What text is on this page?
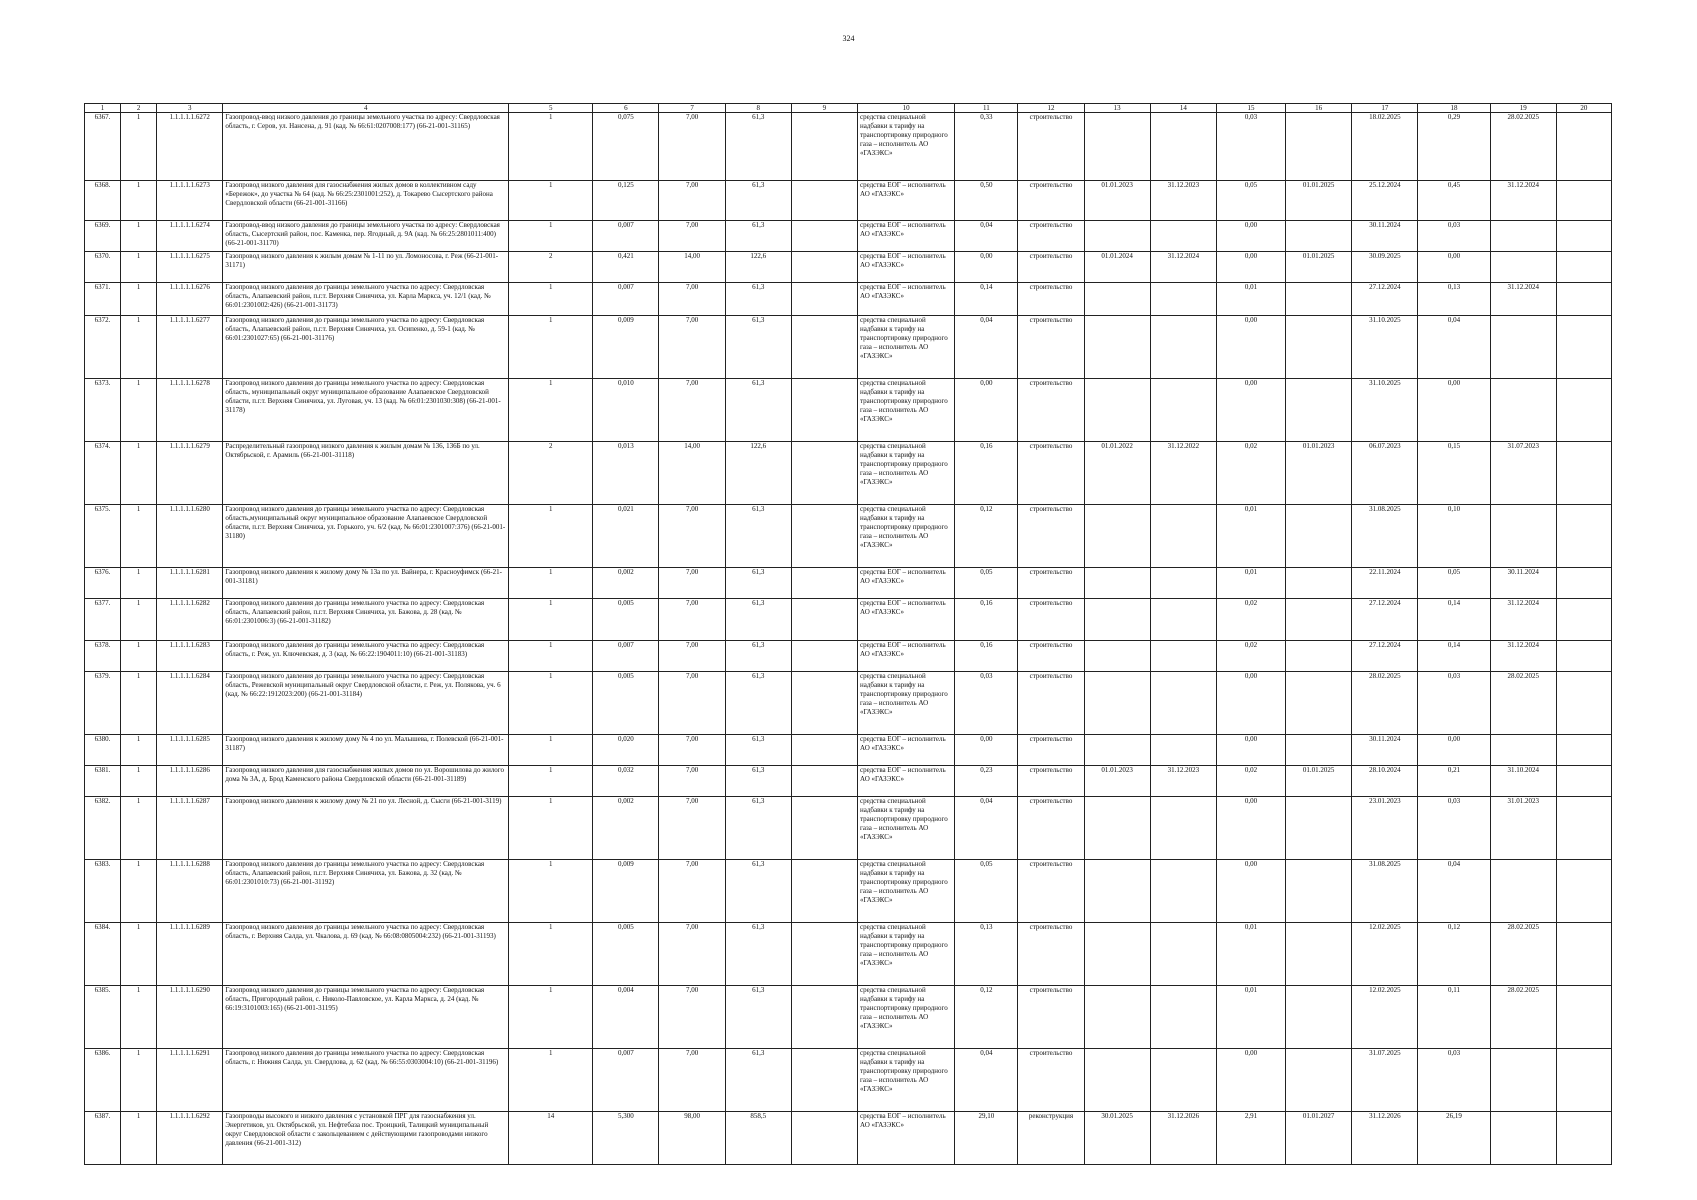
324
1	2	3	4	5	6	7	8	9	10	11	12	13	14	15	16	17	18	19	20
6367.	1	1.1.1.1.1.6272	Газопровод-ввод низкого давления до границы земельного участка по адресу: Свердловская область, г. Серов, ул. Нансена, д. 91 (кад. № 66:61:0207008:177) (66-21-001-31165)	1	0,075	7,00	61,3		средства специальной надбавки к тарифу на транспортировку природного газа – исполнитель АО «ГАЗЭКС»	0,33	строительство			0,03		18.02.2025	0,29	28.02.2025	
6368.	1	1.1.1.1.1.6273	Газопровод низкого давления для газоснабжения жилых домов в коллективном саду «Бережок», до участка № 64 (кад. № 66:25:2301001:252), д. Токарево Сысертского района Свердловской области (66-21-001-31166)	1	0,125	7,00	61,3		средства ЕОГ – исполнитель АО «ГАЗЭКС»	0,50	строительство	01.01.2023	31.12.2023	0,05	01.01.2025	25.12.2024	0,45	31.12.2024	
6369.	1	1.1.1.1.1.6274	Газопровод-ввод низкого давления до границы земельного участка по адресу: Свердловская область, Сысертский район, пос. Каменка, пер. Ягодный, д. 9А (кад. № 66:25:2801011:400) (66-21-001-31170)	1	0,007	7,00	61,3		средства ЕОГ – исполнитель АО «ГАЗЭКС»	0,04	строительство			0,00		30.11.2024	0,03		
6370.	1	1.1.1.1.1.6275	Газопровод низкого давления к жилым домам № 1-11 по ул. Ломоносова, г. Реж (66-21-001-31171)	2	0,421	14,00	122,6		средства ЕОГ – исполнитель АО «ГАЗЭКС»	0,00	строительство	01.01.2024	31.12.2024	0,00	01.01.2025	30.09.2025	0,00		
6371.	1	1.1.1.1.1.6276	Газопровод низкого давления до границы земельного участка по адресу: Свердловская область, Алапаевский район, п.г.т. Верхняя Синячиха, ул. Карла Маркса, уч. 12/1 (кад. № 66:01:2301002:426) (66-21-001-31173)	1	0,007	7,00	61,3		средства ЕОГ – исполнитель АО «ГАЗЭКС»	0,14	строительство			0,01		27.12.2024	0,13	31.12.2024	
6372.	1	1.1.1.1.1.6277	Газопровод низкого давления до границы земельного участка по адресу: Свердловская область, Алапаевский район, п.г.т. Верхняя Синячиха, ул. Осипенко, д. 59-1 (кад. № 66:01:2301027:65) (66-21-001-31176)	1	0,009	7,00	61,3		средства специальной надбавки к тарифу на транспортировку природного газа – исполнитель АО «ГАЗЭКС»	0,04	строительство			0,00		31.10.2025	0,04		
6373.	1	1.1.1.1.1.6278	Газопровод низкого давления до границы земельного участка по адресу: Свердловская область, муниципальный округ муниципальное образование Алапаевское Свердловской области, п.г.т. Верхняя Синячиха, ул. Луговая, уч. 13 (кад. № 66:01:2301030:308) (66-21-001-31178)	1	0,010	7,00	61,3		средства специальной надбавки к тарифу на транспортировку природного газа – исполнитель АО «ГАЗЭКС»	0,00	строительство			0,00		31.10.2025	0,00		
6374.	1	1.1.1.1.1.6279	Распределительный газопровод низкого давления к жилым домам № 136, 136Б по ул. Октябрьской, г. Арамиль (66-21-001-31118)	2	0,013	14,00	122,6		средства специальной надбавки к тарифу на транспортировку природного газа – исполнитель АО «ГАЗЭКС»	0,16	строительство	01.01.2022	31.12.2022	0,02	01.01.2023	06.07.2023	0,15	31.07.2023	
6375.	1	1.1.1.1.1.6280	Газопровод низкого давления до границы земельного участка по адресу: Свердловская область,муниципальный округ муниципальное образование Алапаевское Свердловской области, п.г.т. Верхняя Синячиха, ул. Горького, уч. 6/2 (кад. № 66:01:2301007:376) (66-21-001-31180)	1	0,021	7,00	61,3		средства специальной надбавки к тарифу на транспортировку природного газа – исполнитель АО «ГАЗЭКС»	0,12	строительство			0,01		31.08.2025	0,10		
6376.	1	1.1.1.1.1.6281	Газопровод низкого давления к жилому дому № 13а по ул. Вайнера, г. Красноуфимск (66-21-001-31181)	1	0,002	7,00	61,3		средства ЕОГ – исполнитель АО «ГАЗЭКС»	0,05	строительство			0,01		22.11.2024	0,05	30.11.2024	
6377.	1	1.1.1.1.1.6282	Газопровод низкого давления до границы земельного участка по адресу: Свердловская область, Алапаевский район, п.г.т. Верхняя Синячиха, ул. Бажова, д. 28 (кад. № 66:01:2301006:3) (66-21-001-31182)	1	0,005	7,00	61,3		средства ЕОГ – исполнитель АО «ГАЗЭКС»	0,16	строительство			0,02		27.12.2024	0,14	31.12.2024	
6378.	1	1.1.1.1.1.6283	Газопровод низкого давления до границы земельного участка по адресу: Свердловская область, г. Реж, ул. Ключевская, д. 3 (кад. № 66:22:1904011:10) (66-21-001-31183)	1	0,007	7,00	61,3		средства ЕОГ – исполнитель АО «ГАЗЭКС»	0,16	строительство			0,02		27.12.2024	0,14	31.12.2024	
6379.	1	1.1.1.1.1.6284	Газопровод низкого давления до границы земельного участка по адресу: Свердловская область, Режевской муниципальный округ Свердловской области, г. Реж, ул. Полякова, уч. 6 (кад. № 66:22:1912023:200) (66-21-001-31184)	1	0,005	7,00	61,3		средства специальной надбавки к тарифу на транспортировку природного газа – исполнитель АО «ГАЗЭКС»	0,03	строительство			0,00		28.02.2025	0,03	28.02.2025	
6380.	1	1.1.1.1.1.6285	Газопровод низкого давления к жилому дому № 4 по ул. Малышева, г. Полевской (66-21-001-31187)	1	0,020	7,00	61,3		средства ЕОГ – исполнитель АО «ГАЗЭКС»	0,00	строительство			0,00		30.11.2024	0,00		
6381.	1	1.1.1.1.1.6286	Газопровод низкого давления для газоснабжения жилых домов по ул. Ворошилова до жилого дома № 3А, д. Брод Каменского района Свердловской области (66-21-001-31189)	1	0,032	7,00	61,3		средства ЕОГ – исполнитель АО «ГАЗЭКС»	0,23	строительство	01.01.2023	31.12.2023	0,02	01.01.2025	28.10.2024	0,21	31.10.2024	
6382.	1	1.1.1.1.1.6287	Газопровод низкого давления к жилому дому № 21 по ул. Лесной, д. Сысги (66-21-001-3119)	1	0,002	7,00	61,3		средства специальной надбавки к тарифу на транспортировку природного газа – исполнитель АО «ГАЗЭКС»	0,04	строительство			0,00		23.01.2023	0,03	31.01.2023	
6383.	1	1.1.1.1.1.6288	Газопровод низкого давления до границы земельного участка по адресу: Свердловская область, Алапаевский район, п.г.т. Верхняя Синячиха, ул. Бажова, д. 32 (кад. № 66:01:2301010:73) (66-21-001-31192)	1	0,009	7,00	61,3		средства специальной надбавки к тарифу на транспортировку природного газа – исполнитель АО «ГАЗЭКС»	0,05	строительство			0,00		31.08.2025	0,04		
6384.	1	1.1.1.1.1.6289	Газопровод низкого давления до границы земельного участка по адресу: Свердловская область, г. Верхняя Салда, ул. Чкалова, д. 69 (кад. № 66:08:0805004:232) (66-21-001-31193)	1	0,005	7,00	61,3		средства специальной надбавки к тарифу на транспортировку природного газа – исполнитель АО «ГАЗЭКС»	0,13	строительство			0,01		12.02.2025	0,12	28.02.2025	
6385.	1	1.1.1.1.1.6290	Газопровод низкого давления до границы земельного участка по адресу: Свердловская область, Пригородный район, с. Николо-Павловское, ул. Карла Маркса, д. 24 (кад. № 66:19:3101003:165) (66-21-001-31195)	1	0,004	7,00	61,3		средства специальной надбавки к тарифу на транспортировку природного газа – исполнитель АО «ГАЗЭКС»	0,12	строительство			0,01		12.02.2025	0,11	28.02.2025	
6386.	1	1.1.1.1.1.6291	Газопровод низкого давления до границы земельного участка по адресу: Свердловская область, г. Нижняя Салда, ул. Свердлова, д. 62 (кад. № 66:55:0303004:10) (66-21-001-31196)	1	0,007	7,00	61,3		средства специальной надбавки к тарифу на транспортировку природного газа – исполнитель АО «ГАЗЭКС»	0,04	строительство			0,00		31.07.2025	0,03		
6387.	1	1.1.1.1.1.6292	Газопроводы высокого и низкого давления с установкой ПРГ для газоснабжения ул. Энергетиков, ул. Октябрьской, ул. Нефтебаза пос. Троицкий, Талицкий муниципальный округ Свердловской области с закольцеванием с действующими газопроводами низкого давления (66-21-001-312)	14	5,300	98,00	858,5		средства ЕОГ – исполнитель АО «ГАЗЭКС»	29,10	реконструкция	30.01.2025	31.12.2026	2,91	01.01.2027	31.12.2026	26,19		
